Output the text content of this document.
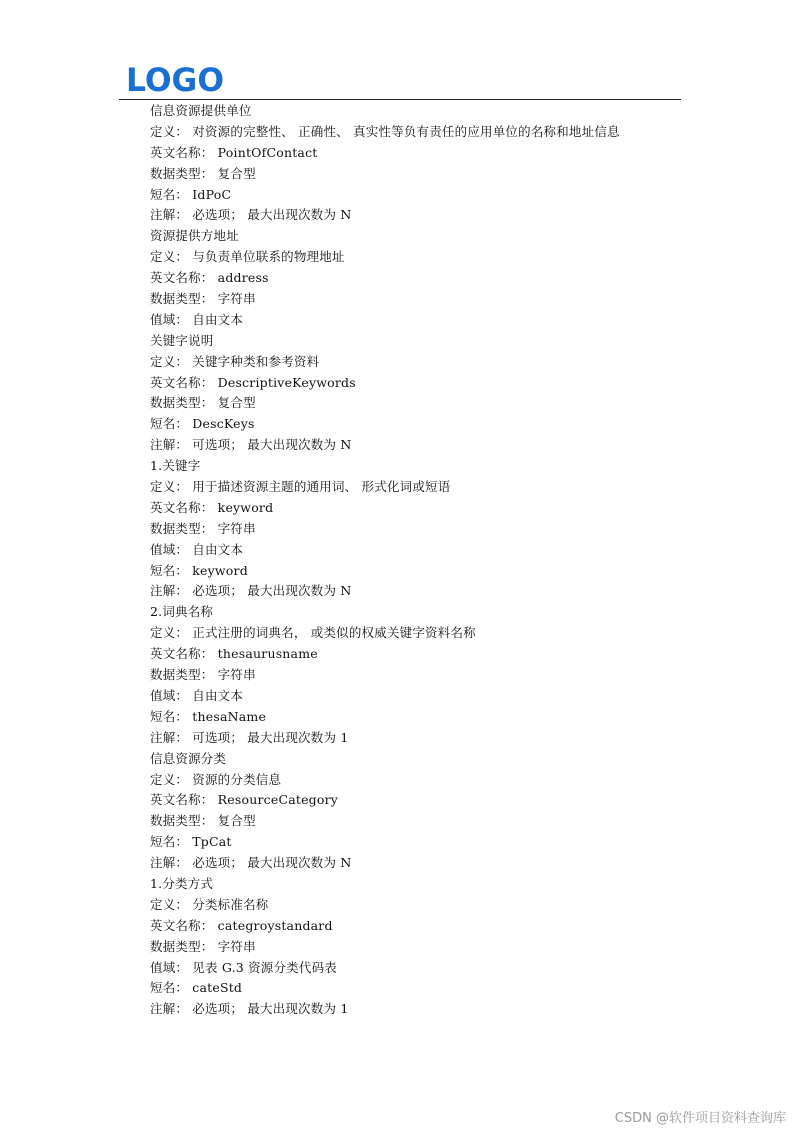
LOGO
信息资源提供单位
定义： 对资源的完整性、 正确性、 真实性等负有责任的应用单位的名称和地址信息
英文名称： PointOfContact
数据类型： 复合型
短名： IdPoC
注解： 必选项； 最大出现次数为 N
资源提供方地址
定义： 与负责单位联系的物理地址
英文名称： address
数据类型： 字符串
值域： 自由文本
关键字说明
定义： 关键字种类和参考资料
英文名称： DescriptiveKeywords
数据类型： 复合型
短名： DescKeys
注解： 可选项； 最大出现次数为 N
1.关键字
定义： 用于描述资源主题的通用词、 形式化词或短语
英文名称： keyword
数据类型： 字符串
值域： 自由文本
短名： keyword
注解： 必选项； 最大出现次数为 N
2.词典名称
定义： 正式注册的词典名， 或类似的权威关键字资料名称
英文名称： thesaurusname
数据类型： 字符串
值域： 自由文本
短名： thesaName
注解： 可选项； 最大出现次数为 1
信息资源分类
定义： 资源的分类信息
英文名称： ResourceCategory
数据类型： 复合型
短名： TpCat
注解： 必选项； 最大出现次数为 N
1.分类方式
定义： 分类标准名称
英文名称： categroystandard
数据类型： 字符串
值域： 见表 G.3 资源分类代码表
短名： cateStd
注解： 必选项； 最大出现次数为 1
CSDN @软件项目资料查询库
